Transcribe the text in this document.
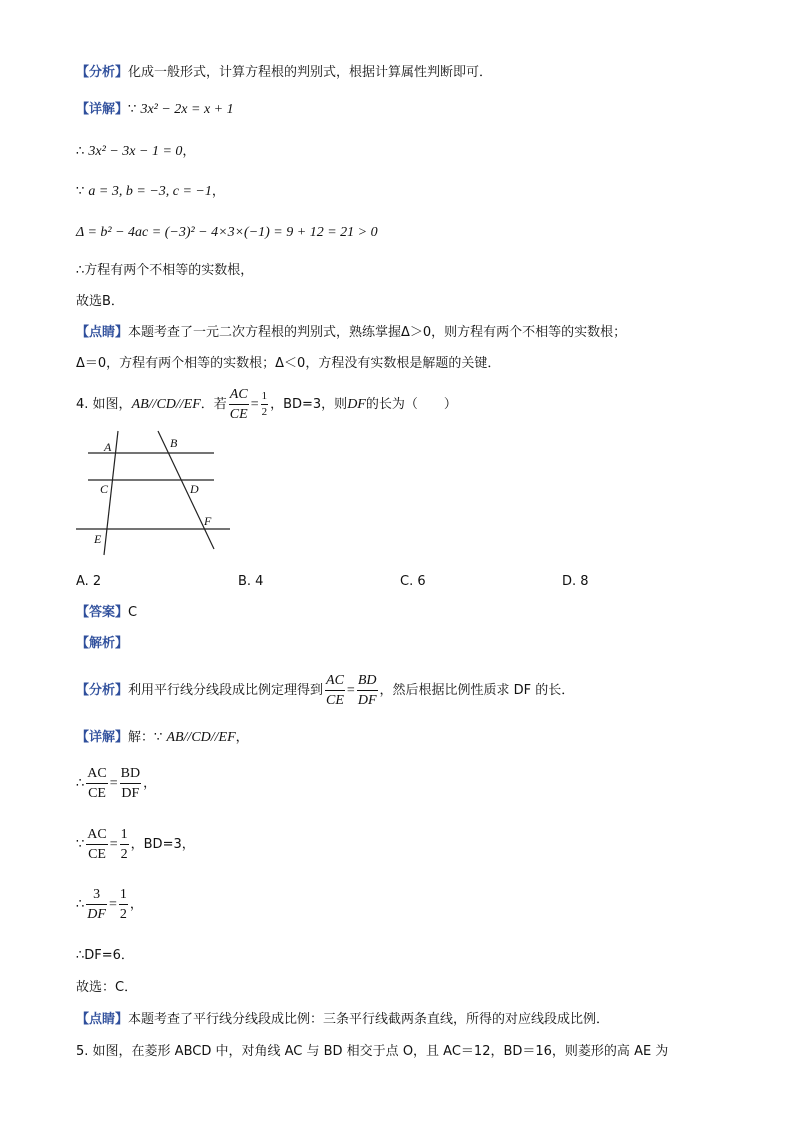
【分析】化成一般形式，计算方程根的判别式，根据计算属性判断即可．
【详解】∵ 3x² − 2x = x + 1
∴ 3x² − 3x − 1 = 0，
∵ a = 3, b = −3, c = −1，
Δ = b² − 4ac = (−3)² − 4×3×(−1) = 9 + 12 = 21 > 0
∴方程有两个不相等的实数根，
故选B．
【点睛】本题考查了一元二次方程根的判别式，熟练掌握Δ＞0，则方程有两个不相等的实数根；
Δ＝0，方程有两个相等的实数根；Δ＜0，方程没有实数根是解题的关键．
4. 如图，AB//CD//EF．若 $\frac{AC}{CE} = \frac{1}{2}$ ，BD=3，则DF的长为（　　）
A	B
C	D
F
E
A. 2	B. 4	C. 6	D. 8
【答案】C
【解析】
【分析】利用平行线分线段成比例定理得到 $\frac{AC}{CE} = \frac{BD}{DF}$ ，然后根据比例性质求 DF 的长．
【详解】解：∵ AB//CD//EF，
∴ $\frac{AC}{CE} = \frac{BD}{DF}$ ，
∵ $\frac{AC}{CE} = \frac{1}{2}$ ，BD=3，
∴ $\frac{3}{DF} = \frac{1}{2}$ ，
∴DF=6．
故选：C．
【点睛】本题考查了平行线分线段成比例：三条平行线截两条直线，所得的对应线段成比例．
5. 如图，在菱形 ABCD 中，对角线 AC 与 BD 相交于点 O，且 AC＝12，BD＝16，则菱形的高 AE 为
